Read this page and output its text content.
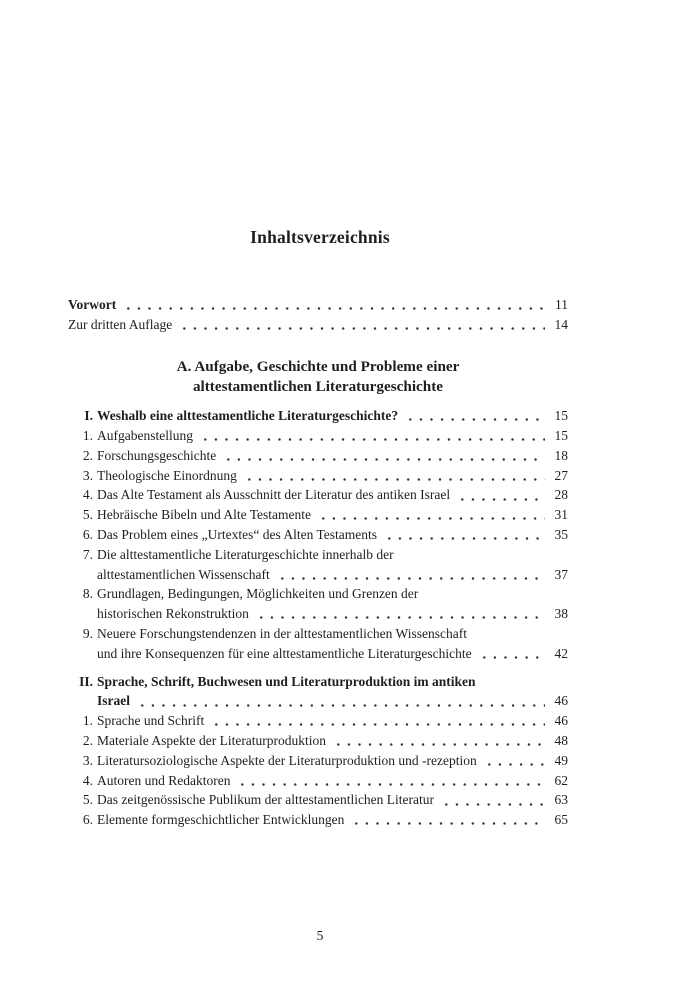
Inhaltsverzeichnis
Vorwort	11
Zur dritten Auflage	14
A. Aufgabe, Geschichte und Probleme einer
alttestamentlichen Literaturgeschichte
I. Weshalb eine alttestamentliche Literaturgeschichte?	15
1. Aufgabenstellung	15
2. Forschungsgeschichte	18
3. Theologische Einordnung	27
4. Das Alte Testament als Ausschnitt der Literatur des antiken Israel	28
5. Hebräische Bibeln und Alte Testamente	31
6. Das Problem eines „Urtextes“ des Alten Testaments	35
7. Die alttestamentliche Literaturgeschichte innerhalb der
alttestamentlichen Wissenschaft	37
8. Grundlagen, Bedingungen, Möglichkeiten und Grenzen der
historischen Rekonstruktion	38
9. Neuere Forschungstendenzen in der alttestamentlichen Wissenschaft
und ihre Konsequenzen für eine alttestamentliche Literaturgeschichte	42
II. Sprache, Schrift, Buchwesen und Literaturproduktion im antiken
Israel	46
1. Sprache und Schrift	46
2. Materiale Aspekte der Literaturproduktion	48
3. Literatursoziologische Aspekte der Literaturproduktion und -rezeption	49
4. Autoren und Redaktoren	62
5. Das zeitgenössische Publikum der alttestamentlichen Literatur	63
6. Elemente formgeschichtlicher Entwicklungen	65
5
